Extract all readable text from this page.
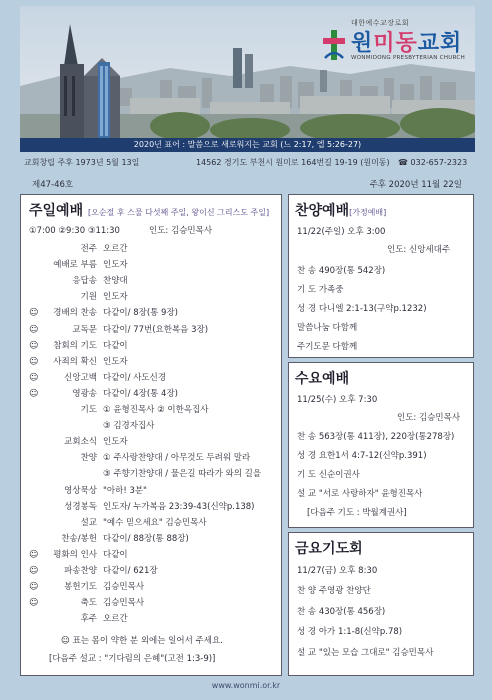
대한예수교장로회
원미동교회
WONMIDONG PRESBYTERIAN CHURCH
2020년 표어 : 말씀으로 새로워지는 교회 (느 2:17, 엡 5:26-27)
교회창립 주후 1973년 5월 13일	14562 경기도 부천시 원미로 164번길 19-19 (원미동) ☎ 032-657-2323
제47-46호	주후 2020년 11월 22일
주일예배 [오순절 후 스물 다섯째 주일, 왕이신 그리스도 주일]
①7:00 ②9:30 ③11:30	인도: 김승민목사
전주 오르간
예배로 부름 인도자
응답송 찬양대
기원 인도자
☺	경배의 찬송 다같이/ 8장(통 9장)
☺	교독문 다같이/ 77번(요한복음 3장)
☺	참회의 기도 다같이
☺	사죄의 확신 인도자
☺	신앙고백 다같이/ 사도신경
☺	영광송 다같이/ 4장(통 4장)
기도 ① 윤형진목사 ② 이한옥집사
③ 김경자집사
교회소식 인도자
찬양 ① 주사랑찬양대 / 아무것도 두려워 말라
③ 주향기찬양대 / 물은길 따라가 와의 길을
영상묵상 "아하! 3분"
성경봉독 인도자/ 누가복음 23:39-43(신약p.138)
설교 "예수 믿으세요" 김승민목사
찬송/봉헌 다같이/ 88장(통 88장)
☺	평화의 인사 다같이
☺	파송찬양 다같이/ 621장
☺	봉헌기도 김승민목사
☺	축도 김승민목사
후주 오르간
☺ 표는 몸이 약한 분 외에는 일어서 주세요.
[다음주 설교 : "기다림의 은혜"(고전 1:3-9)]
찬양예배[가정예배]
11/22(주일) 오후 3:00
인도: 신앙세대주
찬 송 490장(통 542장)
기 도 가족중
성 경 다니엘 2:1-13(구약p.1232)
말씀나눔 다함께
주기도문 다함께
수요예배
11/25(수) 오후 7:30
인도: 김승민목사
찬 송 563장(통 411장), 220장(통278장)
성 경 요한1서 4:7-12(신약p.391)
기 도 신순이권사
설 교 "서로 사랑하자" 윤형진목사
[다음주 기도 : 박월계권사]
금요기도회
11/27(금) 오후 8:30
찬 양 주영광 찬양단
찬 송 430장(통 456장)
성 경 아가 1:1-8(신약p.78)
설 교 "있는 모습 그대로" 김승민목사
www.wonmi.or.kr
